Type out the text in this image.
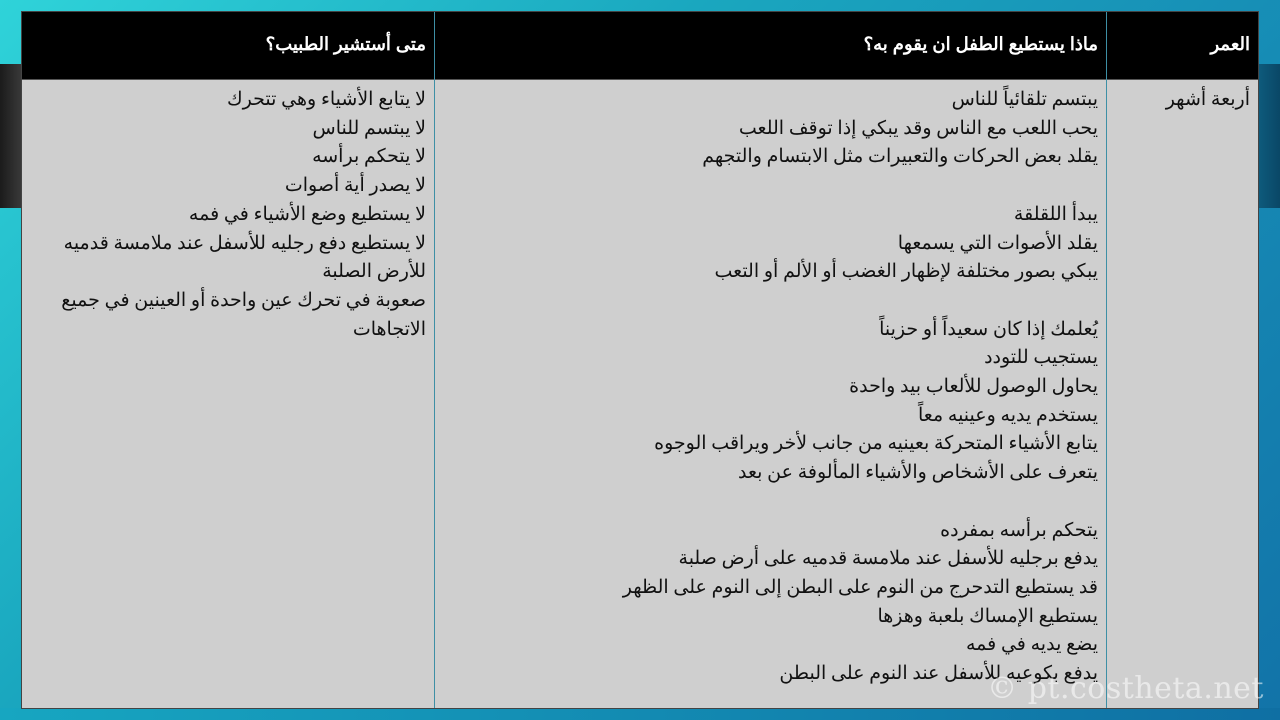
العمر
أربعة أشهر
ماذا يستطيع الطفل ان يقوم به؟
يبتسم تلقائياً للناس
يحب اللعب مع الناس وقد يبكي إذا توقف اللعب
يقلد بعض الحركات والتعبيرات مثل الابتسام والتجهم
يبدأ اللقلقة
يقلد الأصوات التي يسمعها
يبكي بصور مختلفة لإظهار الغضب أو الألم أو التعب
يُعلمك إذا كان سعيداً أو حزيناً
يستجيب للتودد
يحاول الوصول للألعاب بيد واحدة
يستخدم يديه وعينيه معاً
يتابع الأشياء المتحركة بعينيه من جانب لأخر ويراقب الوجوه
يتعرف على الأشخاص والأشياء المألوفة عن بعد
يتحكم برأسه بمفرده
يدفع برجليه للأسفل عند ملامسة قدميه على أرض صلبة
قد يستطيع التدحرج من النوم على البطن إلى النوم على الظهر
يستطيع الإمساك بلعبة وهزها
يضع يديه في فمه
يدفع بكوعيه للأسفل عند النوم على البطن
متى أستشير الطبيب؟
لا يتابع الأشياء وهي تتحرك
لا يبتسم للناس
لا يتحكم برأسه
لا يصدر أية أصوات
لا يستطيع وضع الأشياء في فمه
لا يستطيع دفع رجليه للأسفل عند ملامسة قدميه للأرض الصلبة
صعوبة في تحرك عين واحدة أو العينين في جميع الاتجاهات
© pt.costheta.net
